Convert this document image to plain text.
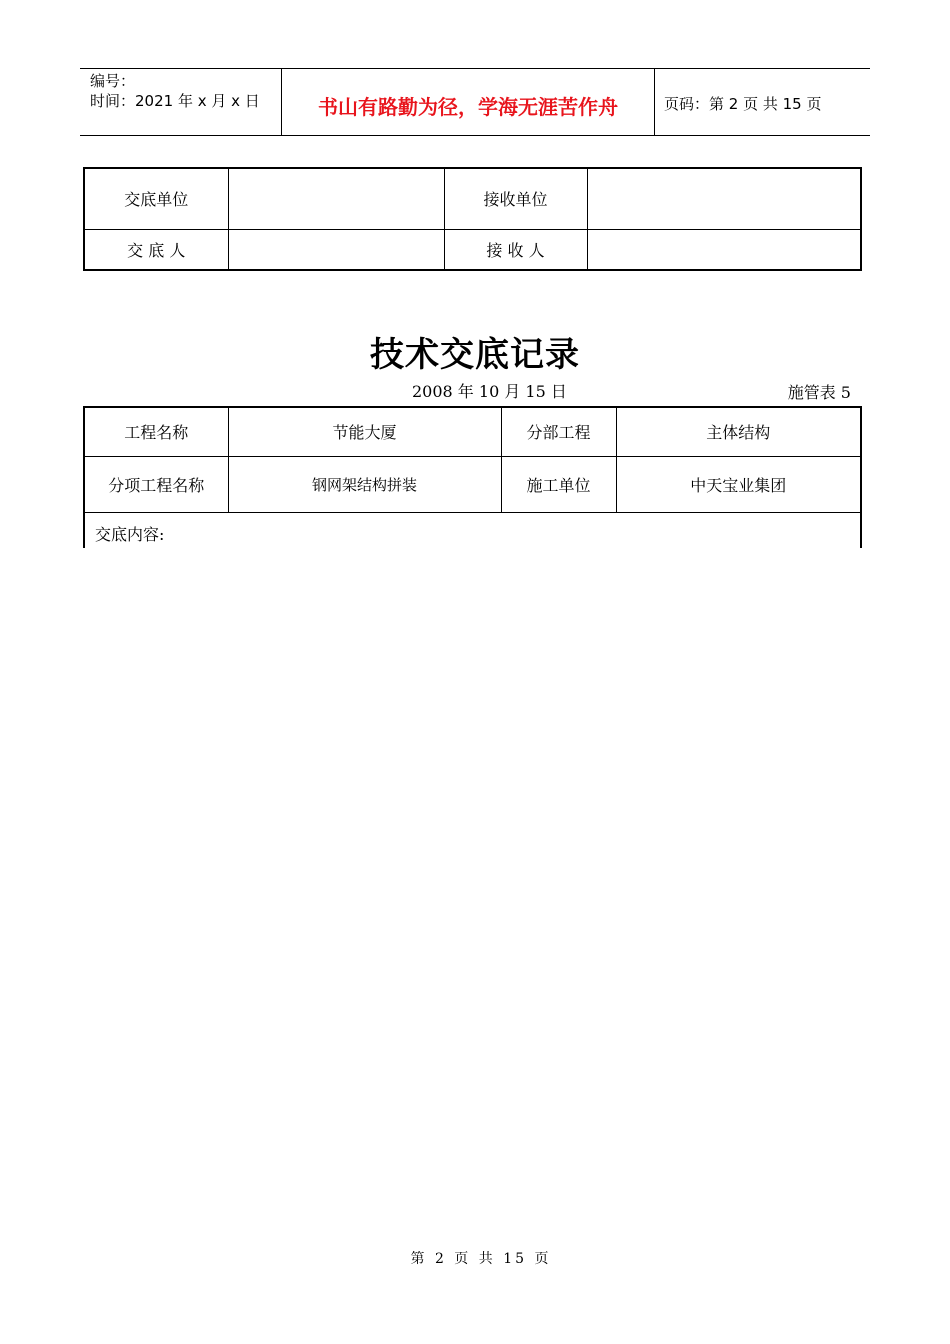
编号：
时间：2021 年 x 月 x 日	书山有路勤为径，学海无涯苦作舟	页码：第 2 页 共 15 页
交底单位		接收单位	
交 底 人		接 收 人	
技术交底记录
2008 年 10 月 15 日	施管表 5
工程名称	节能大厦	分部工程	主体结构
分项工程名称	钢网架结构拼装	施工单位	中天宝业集团
交底内容:			
第 2 页 共 15 页
